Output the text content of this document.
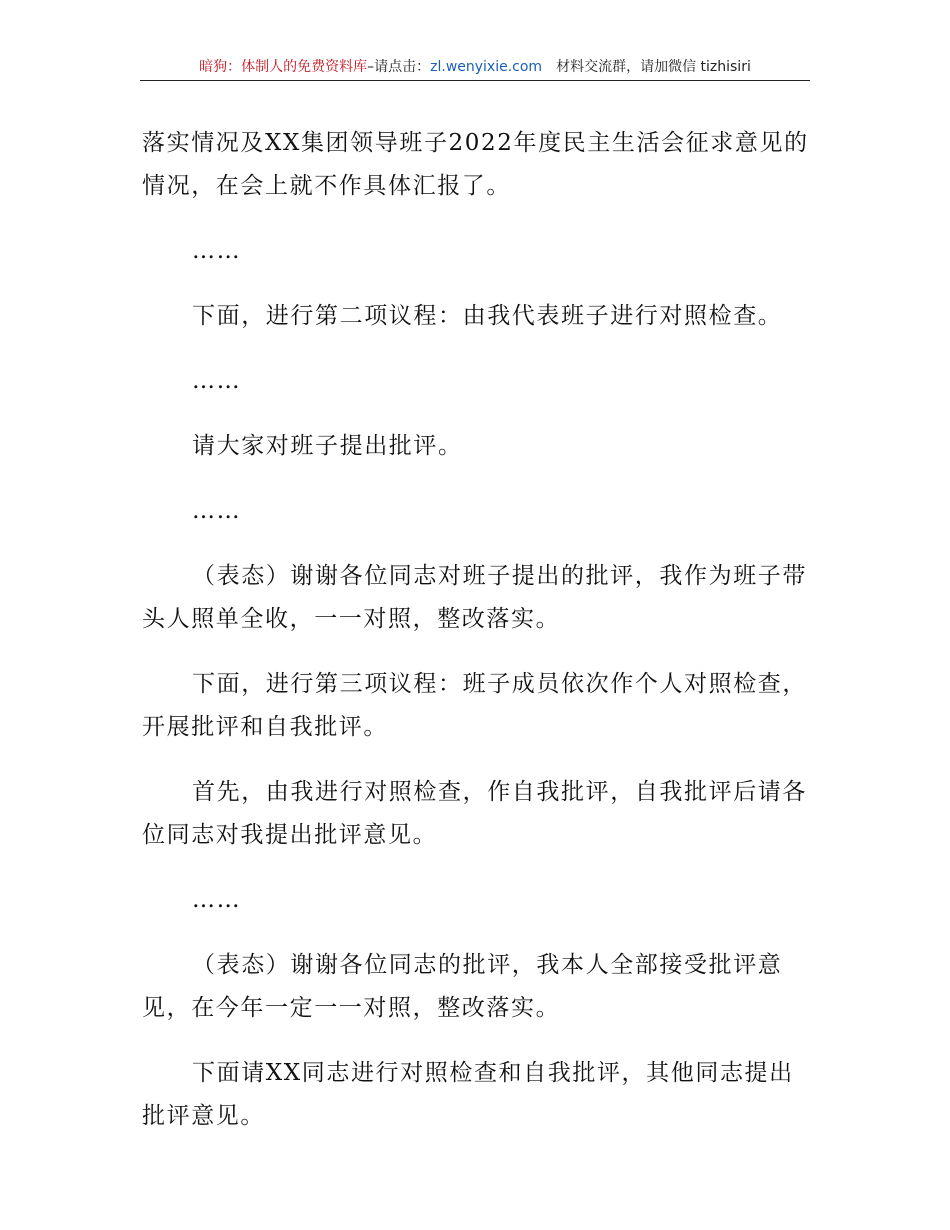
暗狗：体制人的免费资料库–请点击：zl.wenyixie.com 材料交流群，请加微信 tizhisiri

落实情况及XX集团领导班子2022年度民主生活会征求意见的情况，在会上就不作具体汇报了。

……

下面，进行第二项议程：由我代表班子进行对照检查。

……

请大家对班子提出批评。

……

（表态）谢谢各位同志对班子提出的批评，我作为班子带头人照单全收，一一对照，整改落实。

下面，进行第三项议程：班子成员依次作个人对照检查，开展批评和自我批评。

首先，由我进行对照检查，作自我批评，自我批评后请各位同志对我提出批评意见。

……

（表态）谢谢各位同志的批评，我本人全部接受批评意见，在今年一定一一对照，整改落实。

下面请XX同志进行对照检查和自我批评，其他同志提出批评意见。
